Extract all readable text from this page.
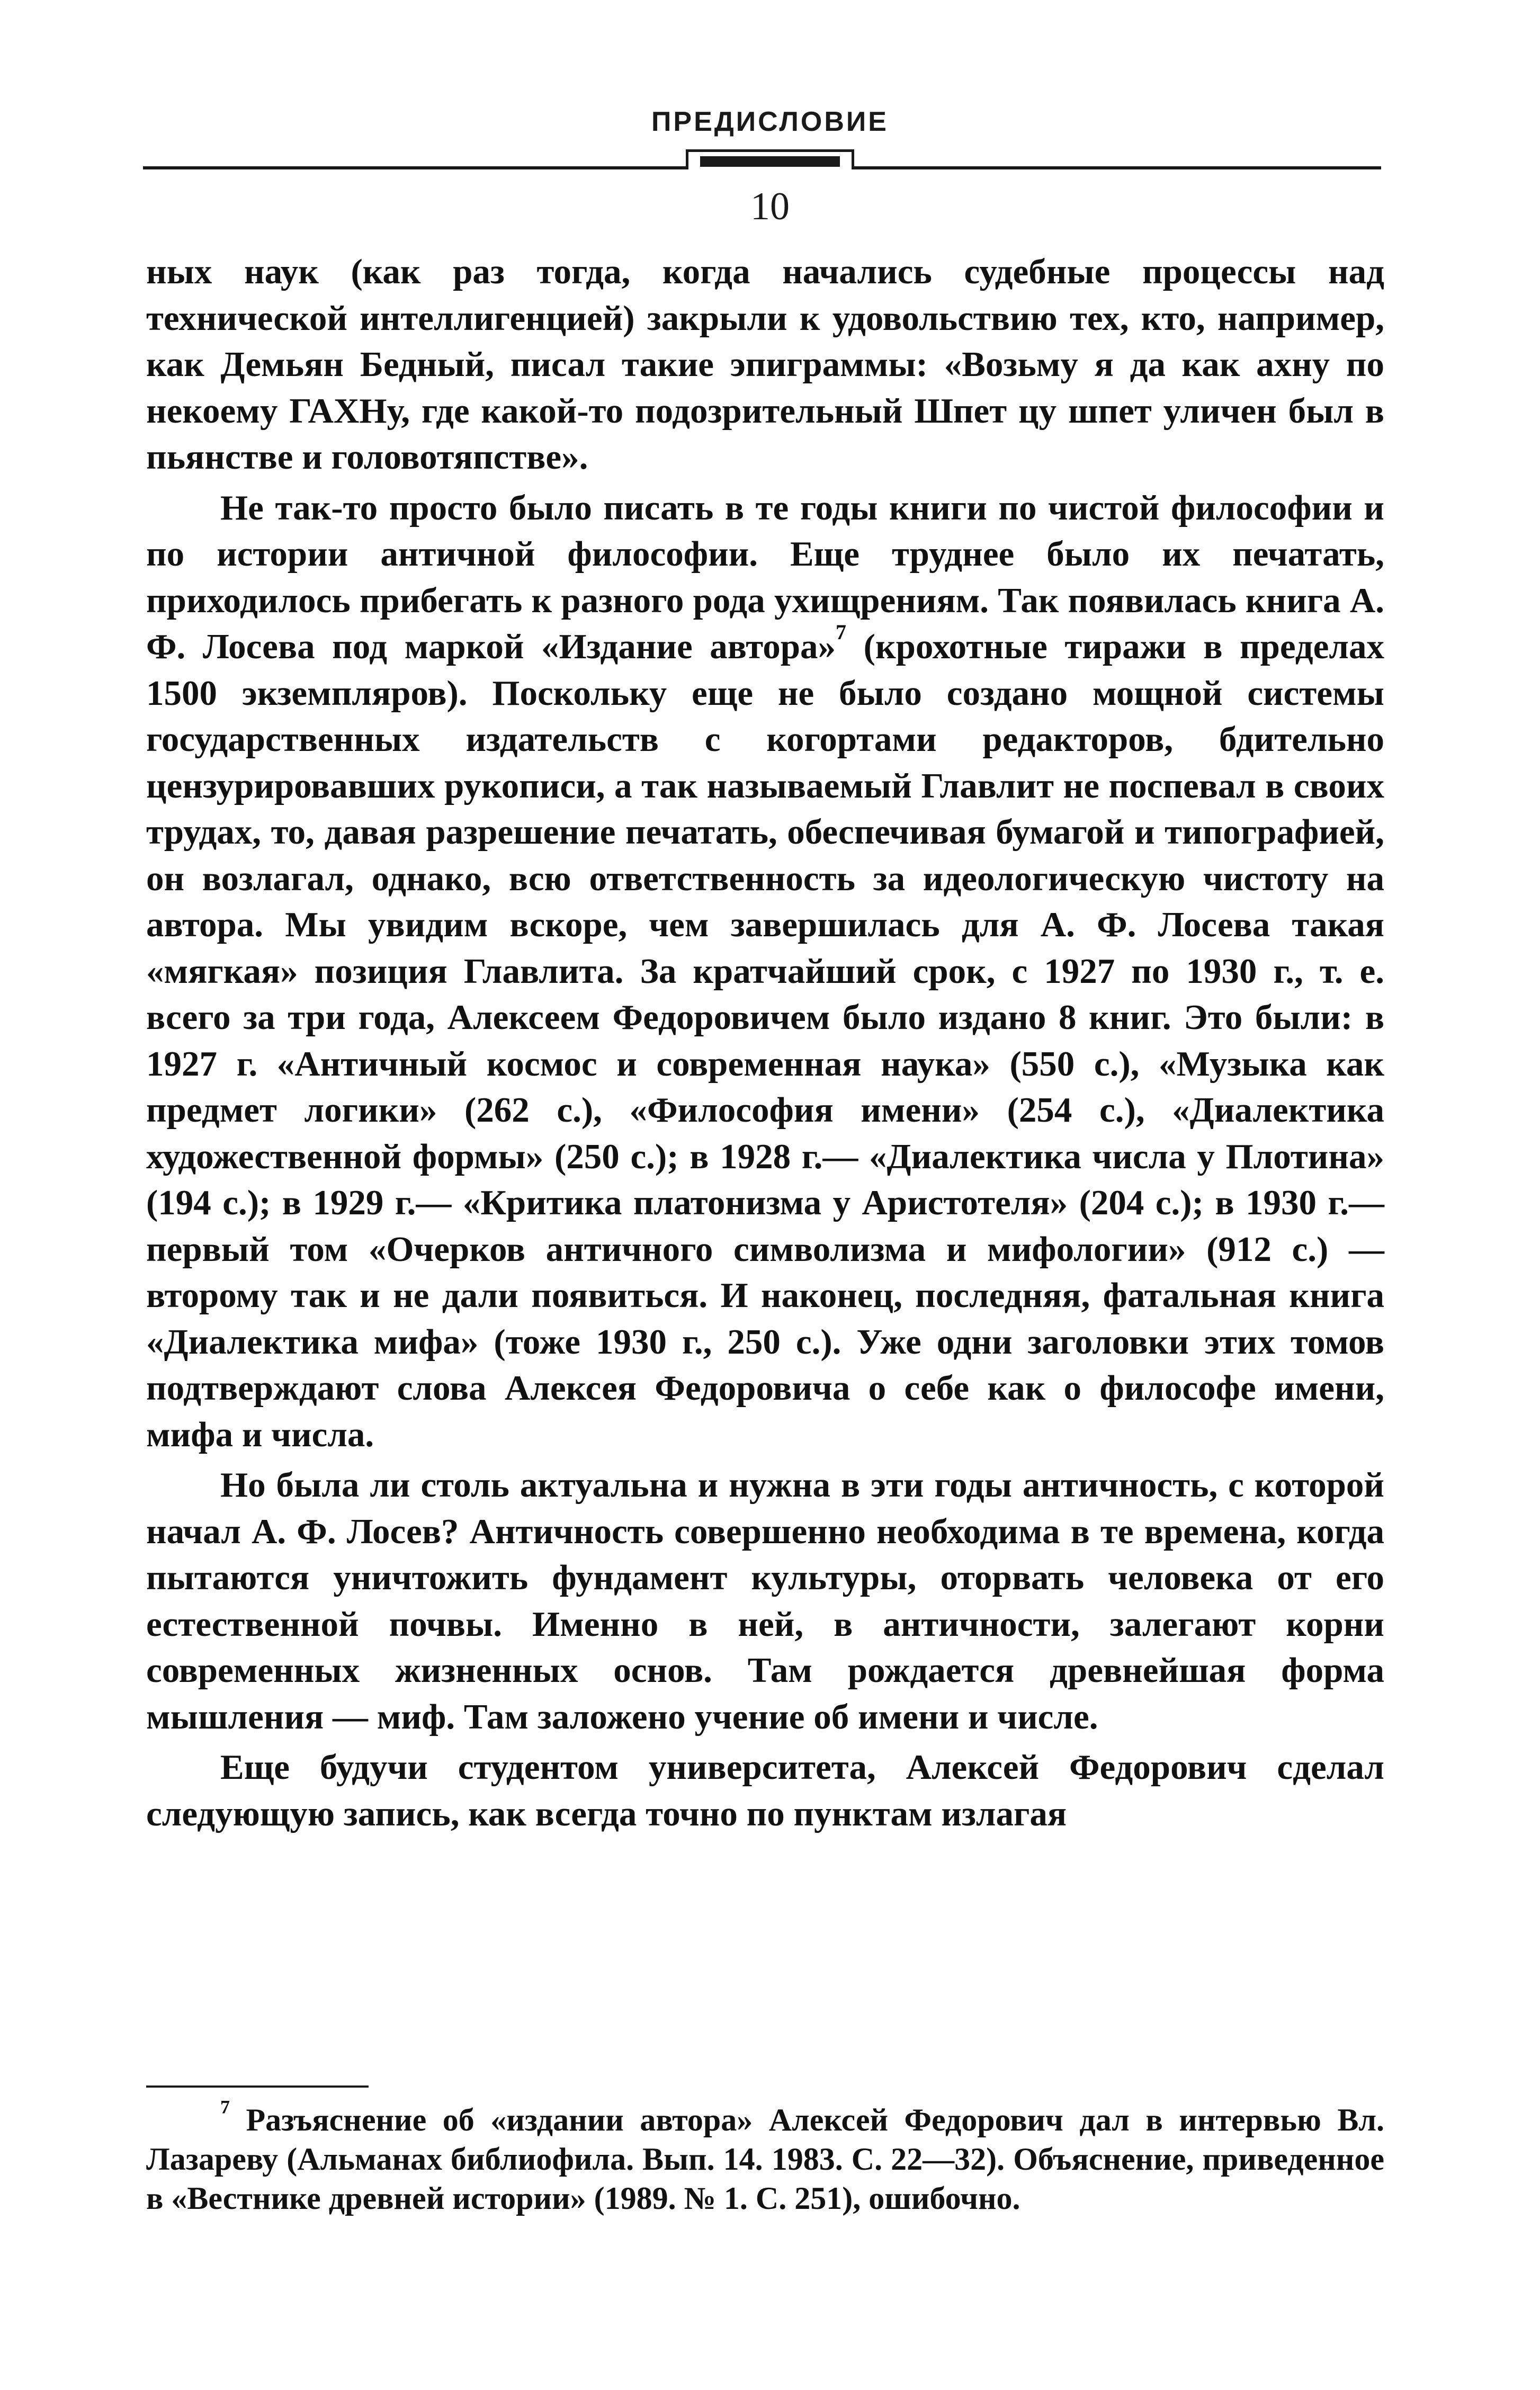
ПРЕДИСЛОВИЕ
10

ных наук (как раз тогда, когда начались судебные процессы над технической интеллигенцией) закрыли к удовольствию тех, кто, например, как Демьян Бедный, писал такие эпиграммы: «Возьму я да как ахну по некоему ГАХНу, где какой-то подозрительный Шпет цу шпет уличен был в пьянстве и головотяпстве».

Не так-то просто было писать в те годы книги по чистой философии и по истории античной философии. Еще труднее было их печатать, приходилось прибегать к разного рода ухищрениям. Так появилась книга А. Ф. Лосева под маркой «Издание автора»$^7$ (крохотные тиражи в пределах 1500 экземпляров). Поскольку еще не было создано мощной системы государственных издательств с когортами редакторов, бдительно цензурировавших рукописи, а так называемый Главлит не поспевал в своих трудах, то, давая разрешение печатать, обеспечивая бумагой и типографией, он возлагал, однако, всю ответственность за идеологическую чистоту на автора. Мы увидим вскоре, чем завершилась для А. Ф. Лосева такая «мягкая» позиция Главлита. За кратчайший срок, с 1927 по 1930 г., т. е. всего за три года, Алексеем Федоровичем было издано 8 книг. Это были: в 1927 г. «Античный космос и современная наука» (550 с.), «Музыка как предмет логики» (262 с.), «Философия имени» (254 с.), «Диалектика художественной формы» (250 с.); в 1928 г.— «Диалектика числа у Плотина» (194 с.); в 1929 г.— «Критика платонизма у Аристотеля» (204 с.); в 1930 г.— первый том «Очерков античного символизма и мифологии» (912 с.) — второму так и не дали появиться. И наконец, последняя, фатальная книга «Диалектика мифа» (тоже 1930 г., 250 с.). Уже одни заголовки этих томов подтверждают слова Алексея Федоровича о себе как о философе имени, мифа и числа.

Но была ли столь актуальна и нужна в эти годы античность, с которой начал А. Ф. Лосев? Античность совершенно необходима в те времена, когда пытаются уничтожить фундамент культуры, оторвать человека от его естественной почвы. Именно в ней, в античности, залегают корни современных жизненных основ. Там рождается древнейшая форма мышления — миф. Там заложено учение об имени и числе.

Еще будучи студентом университета, Алексей Федорович сделал следующую запись, как всегда точно по пунктам излагая

$^7$ Разъяснение об «издании автора» Алексей Федорович дал в интервью Вл. Лазареву (Альманах библиофила. Вып. 14. 1983. С. 22—32). Объяснение, приведенное в «Вестнике древней истории» (1989. № 1. С. 251), ошибочно.
